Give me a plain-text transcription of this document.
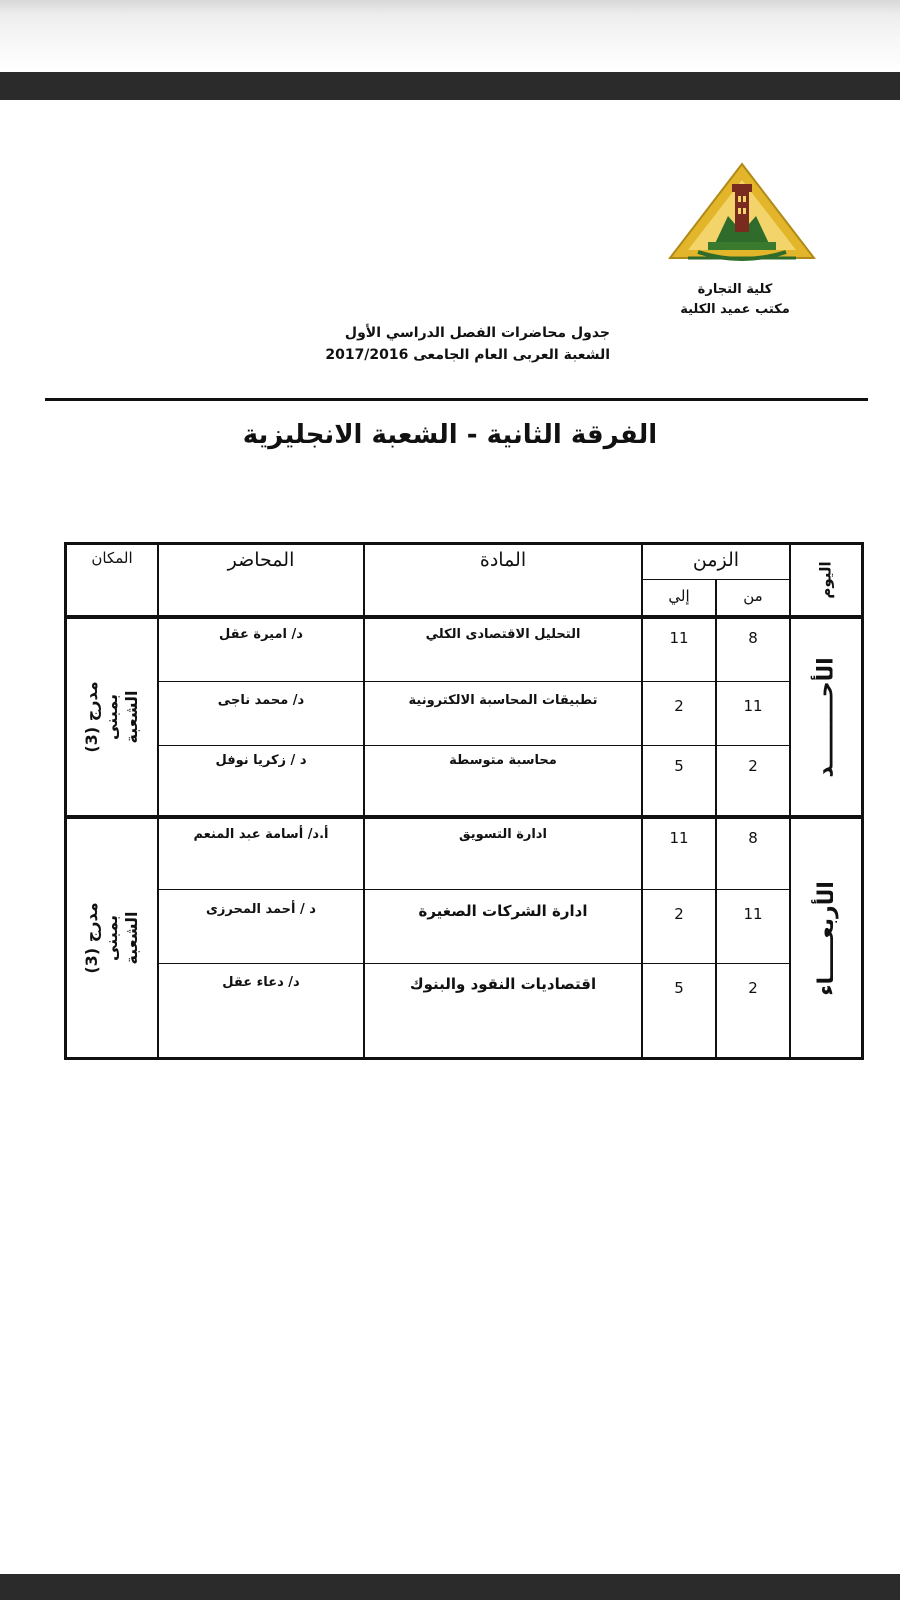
كلية التجارة
مكتب عميد الكلية
جدول محاضرات الفصل الدراسي الأول
الشعبة العربى العام الجامعى 2017/2016
الفرقة الثانية - الشعبة الانجليزية
اليوم
الزمن
من
إلي
المادة
المحاضر
المكان
الأحـــــــــد
مدرج (3) بمبنى الشعبة
8
11
التحليل الاقتصادى الكلي
د/ اميرة عقل
11
2
تطبيقات المحاسبة الالكترونية
د/ محمد ناجى
2
5
محاسبة متوسطة
د / زكريا نوفل
الأربعـــــاء
مدرج (3) بمبنى الشعبة
8
11
ادارة التسويق
أ.د/ أسامة عبد المنعم
11
2
ادارة الشركات الصغيرة
د / أحمد المحرزى
2
5
اقتصاديات النقود والبنوك
د/ دعاء عقل
